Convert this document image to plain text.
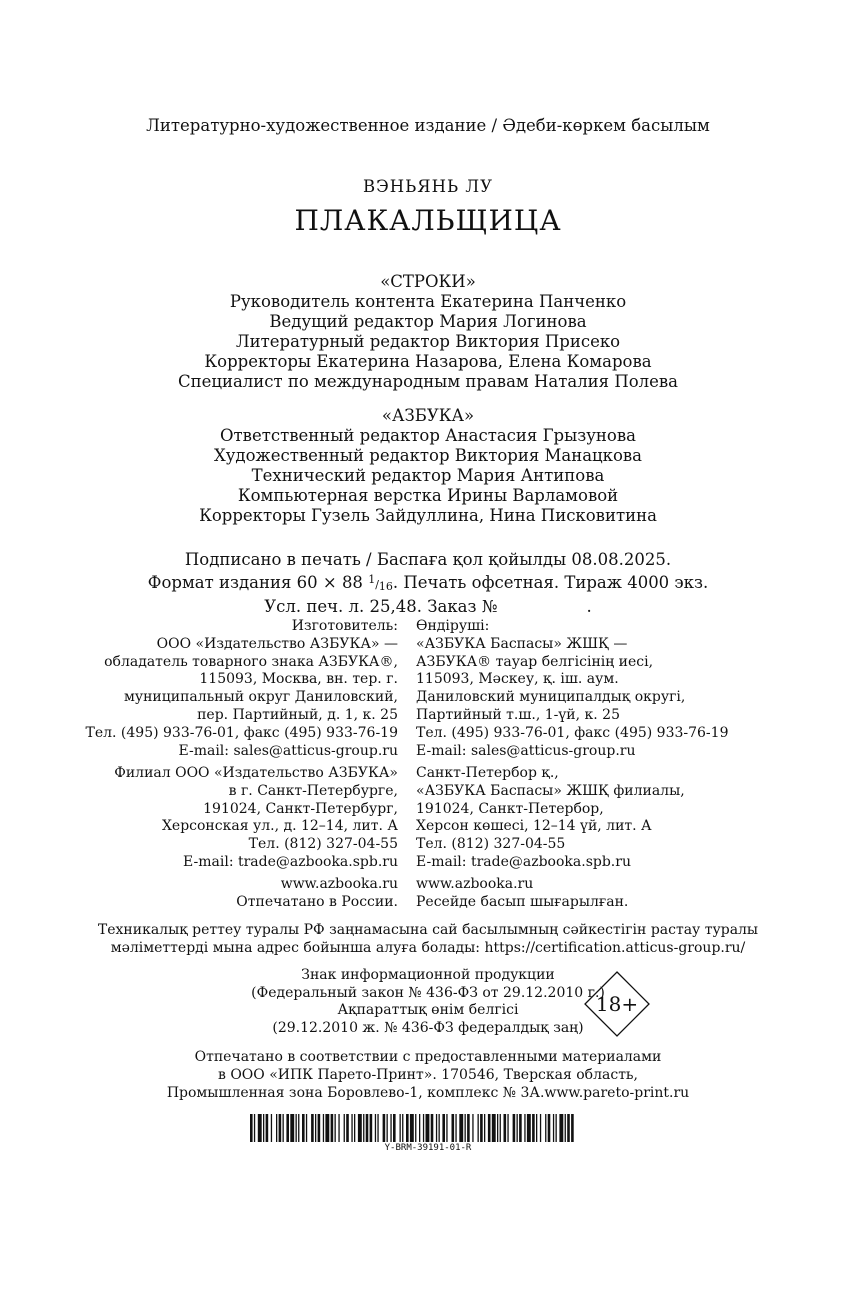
Литературно-художественное издание / Әдеби-көркем басылым
ВЭНЬЯНЬ ЛУ
ПЛАКАЛЬЩИЦА
«СТРОКИ»
Руководитель контента Екатерина Панченко
Ведущий редактор Мария Логинова
Литературный редактор Виктория Присеко
Корректоры Екатерина Назарова, Елена Комарова
Специалист по международным правам Наталия Полева
«АЗБУКА»
Ответственный редактор Анастасия Грызунова
Художественный редактор Виктория Манацкова
Технический редактор Мария Антипова
Компьютерная верстка Ирины Варламовой
Корректоры Гузель Зайдуллина, Нина Писковитина
Подписано в печать / Баспаға қол қойылды 08.08.2025.
Формат издания 60 × 88 $^1/_{16}$. Печать офсетная. Тираж 4000 экз.
Усл. печ. л. 25,48. Заказ №                 .
Изготовитель:
ООО «Издательство АЗБУКА» —
обладатель товарного знака АЗБУКА®,
115093, Москва, вн. тер. г.
муниципальный округ Даниловский,
пер. Партийный, д. 1, к. 25
Тел. (495) 933-76-01, факс (495) 933-76-19
E-mail: sales@atticus-group.ru
Өндіруші:
«АЗБУКА Баспасы» ЖШҚ —
АЗБУКА® тауар белгісінің иесі,
115093, Мәскеу, қ. іш. аум.
Даниловский муниципалдық округі,
Партийный т.ш., 1-үй, к. 25
Тел. (495) 933-76-01, факс (495) 933-76-19
E-mail: sales@atticus-group.ru
Филиал ООО «Издательство АЗБУКА»
в г. Санкт-Петербурге,
191024, Санкт-Петербург,
Херсонская ул., д. 12–14, лит. А
Тел. (812) 327-04-55
E-mail: trade@azbooka.spb.ru
Санкт-Петербор қ.,
«АЗБУКА Баспасы» ЖШҚ филиалы,
191024, Санкт-Петербор,
Херсон көшесі, 12–14 үй, лит. А
Тел. (812) 327-04-55
E-mail: trade@azbooka.spb.ru
www.azbooka.ru
Отпечатано в России.
www.azbooka.ru
Ресейде басып шығарылған.
Техникалық реттеу туралы РФ заңнамасына сай басылымның сәйкестігін растау туралы
мәліметтерді мына адрес бойынша алуға болады: https://certification.atticus-group.ru/
Знак информационной продукции
(Федеральный закон № 436-ФЗ от 29.12.2010 г.)
Ақпараттық өнім белгісі
(29.12.2010 ж. № 436-ФЗ федералдық заң)
18+
Отпечатано в соответствии с предоставленными материалами
в ООО «ИПК Парето-Принт». 170546, Тверская область,
Промышленная зона Боровлево-1, комплекс № 3А.www.pareto-print.ru
Y-BRM-39191-01-R
